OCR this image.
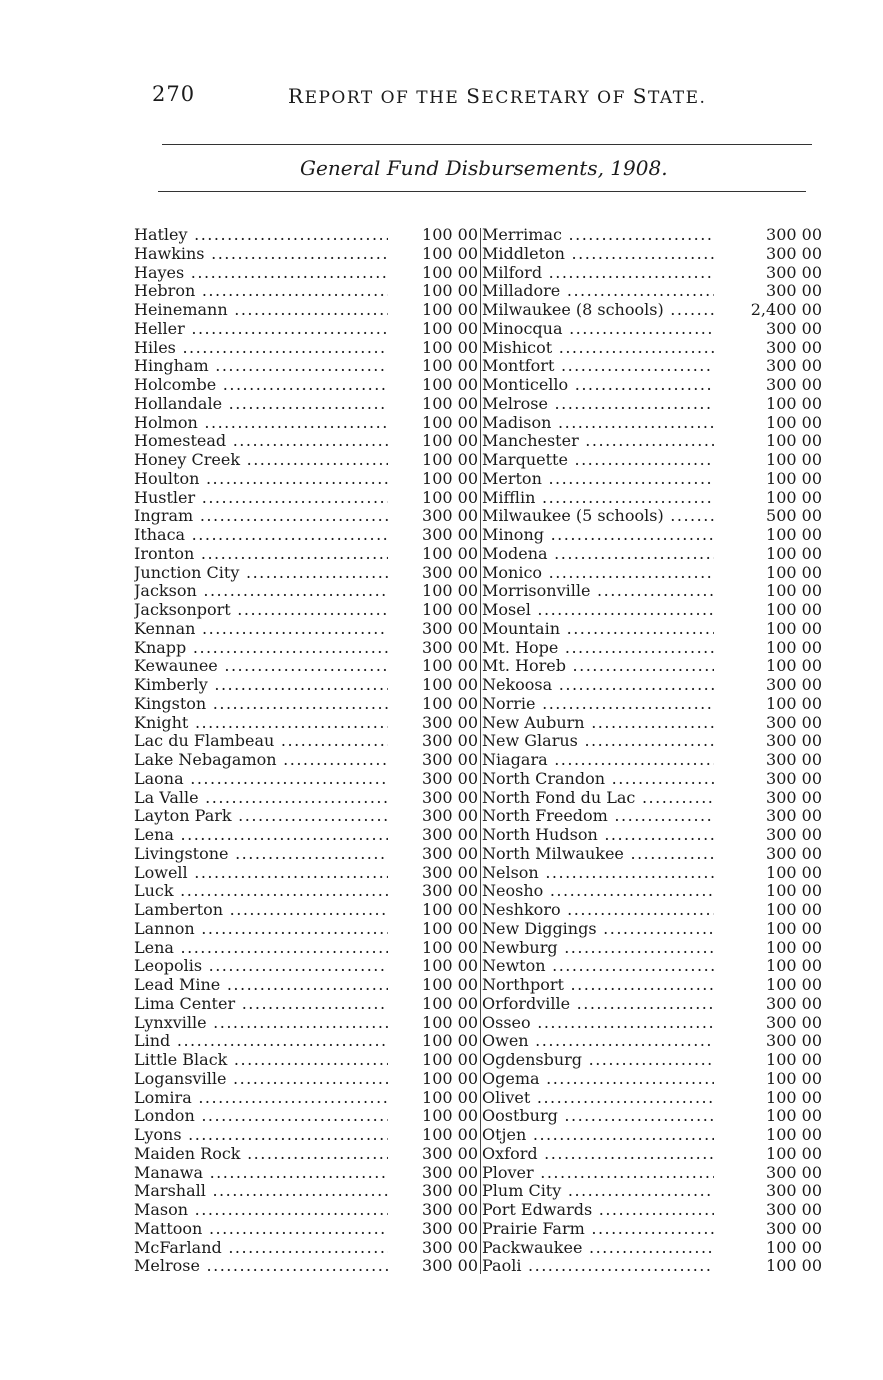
270	REPORT OF THE SECRETARY OF STATE.
General Fund Disbursements, 1908.
Hatley .....	100 00
Hawkins .....	100 00
Hayes .....	100 00
Hebron .....	100 00
Heinemann .....	100 00
Heller .....	100 00
Hiles .....	100 00
Hingham .....	100 00
Holcombe .....	100 00
Hollandale .....	100 00
Holmon .....	100 00
Homestead .....	100 00
Honey Creek .....	100 00
Houlton .....	100 00
Hustler .....	100 00
Ingram .....	300 00
Ithaca .....	300 00
Ironton .....	100 00
Junction City .....	300 00
Jackson .....	100 00
Jacksonport .....	100 00
Kennan .....	300 00
Knapp .....	300 00
Kewaunee .....	100 00
Kimberly .....	100 00
Kingston .....	100 00
Knight .....	300 00
Lac du Flambeau .....	300 00
Lake Nebagamon .....	300 00
Laona .....	300 00
La Valle .....	300 00
Layton Park .....	300 00
Lena .....	300 00
Livingstone .....	300 00
Lowell .....	300 00
Luck .....	300 00
Lamberton .....	100 00
Lannon .....	100 00
Lena .....	100 00
Leopolis .....	100 00
Lead Mine .....	100 00
Lima Center .....	100 00
Lynxville .....	100 00
Lind .....	100 00
Little Black .....	100 00
Logansville .....	100 00
Lomira .....	100 00
London .....	100 00
Lyons .....	100 00
Maiden Rock .....	300 00
Manawa .....	300 00
Marshall .....	300 00
Mason .....	300 00
Mattoon .....	300 00
McFarland .....	300 00
Melrose .....	300 00
Merrimac .....	300 00
Middleton .....	300 00
Milford .....	300 00
Milladore .....	300 00
Milwaukee (8 schools) .....	2,400 00
Minocqua .....	300 00
Mishicot .....	300 00
Montfort .....	300 00
Monticello .....	300 00
Melrose .....	100 00
Madison .....	100 00
Manchester .....	100 00
Marquette .....	100 00
Merton .....	100 00
Mifflin .....	100 00
Milwaukee (5 schools) .....	500 00
Minong .....	100 00
Modena .....	100 00
Monico .....	100 00
Morrisonville .....	100 00
Mosel .....	100 00
Mountain .....	100 00
Mt. Hope .....	100 00
Mt. Horeb .....	100 00
Nekoosa .....	300 00
Norrie .....	100 00
New Auburn .....	300 00
New Glarus .....	300 00
Niagara .....	300 00
North Crandon .....	300 00
North Fond du Lac .....	300 00
North Freedom .....	300 00
North Hudson .....	300 00
North Milwaukee .....	300 00
Nelson .....	100 00
Neosho .....	100 00
Neshkoro .....	100 00
New Diggings .....	100 00
Newburg .....	100 00
Newton .....	100 00
Northport .....	100 00
Orfordville .....	300 00
Osseo .....	300 00
Owen .....	300 00
Ogdensburg .....	100 00
Ogema .....	100 00
Olivet .....	100 00
Oostburg .....	100 00
Otjen .....	100 00
Oxford .....	100 00
Plover .....	300 00
Plum City .....	300 00
Port Edwards .....	300 00
Prairie Farm .....	300 00
Packwaukee .....	100 00
Paoli .....	100 00
